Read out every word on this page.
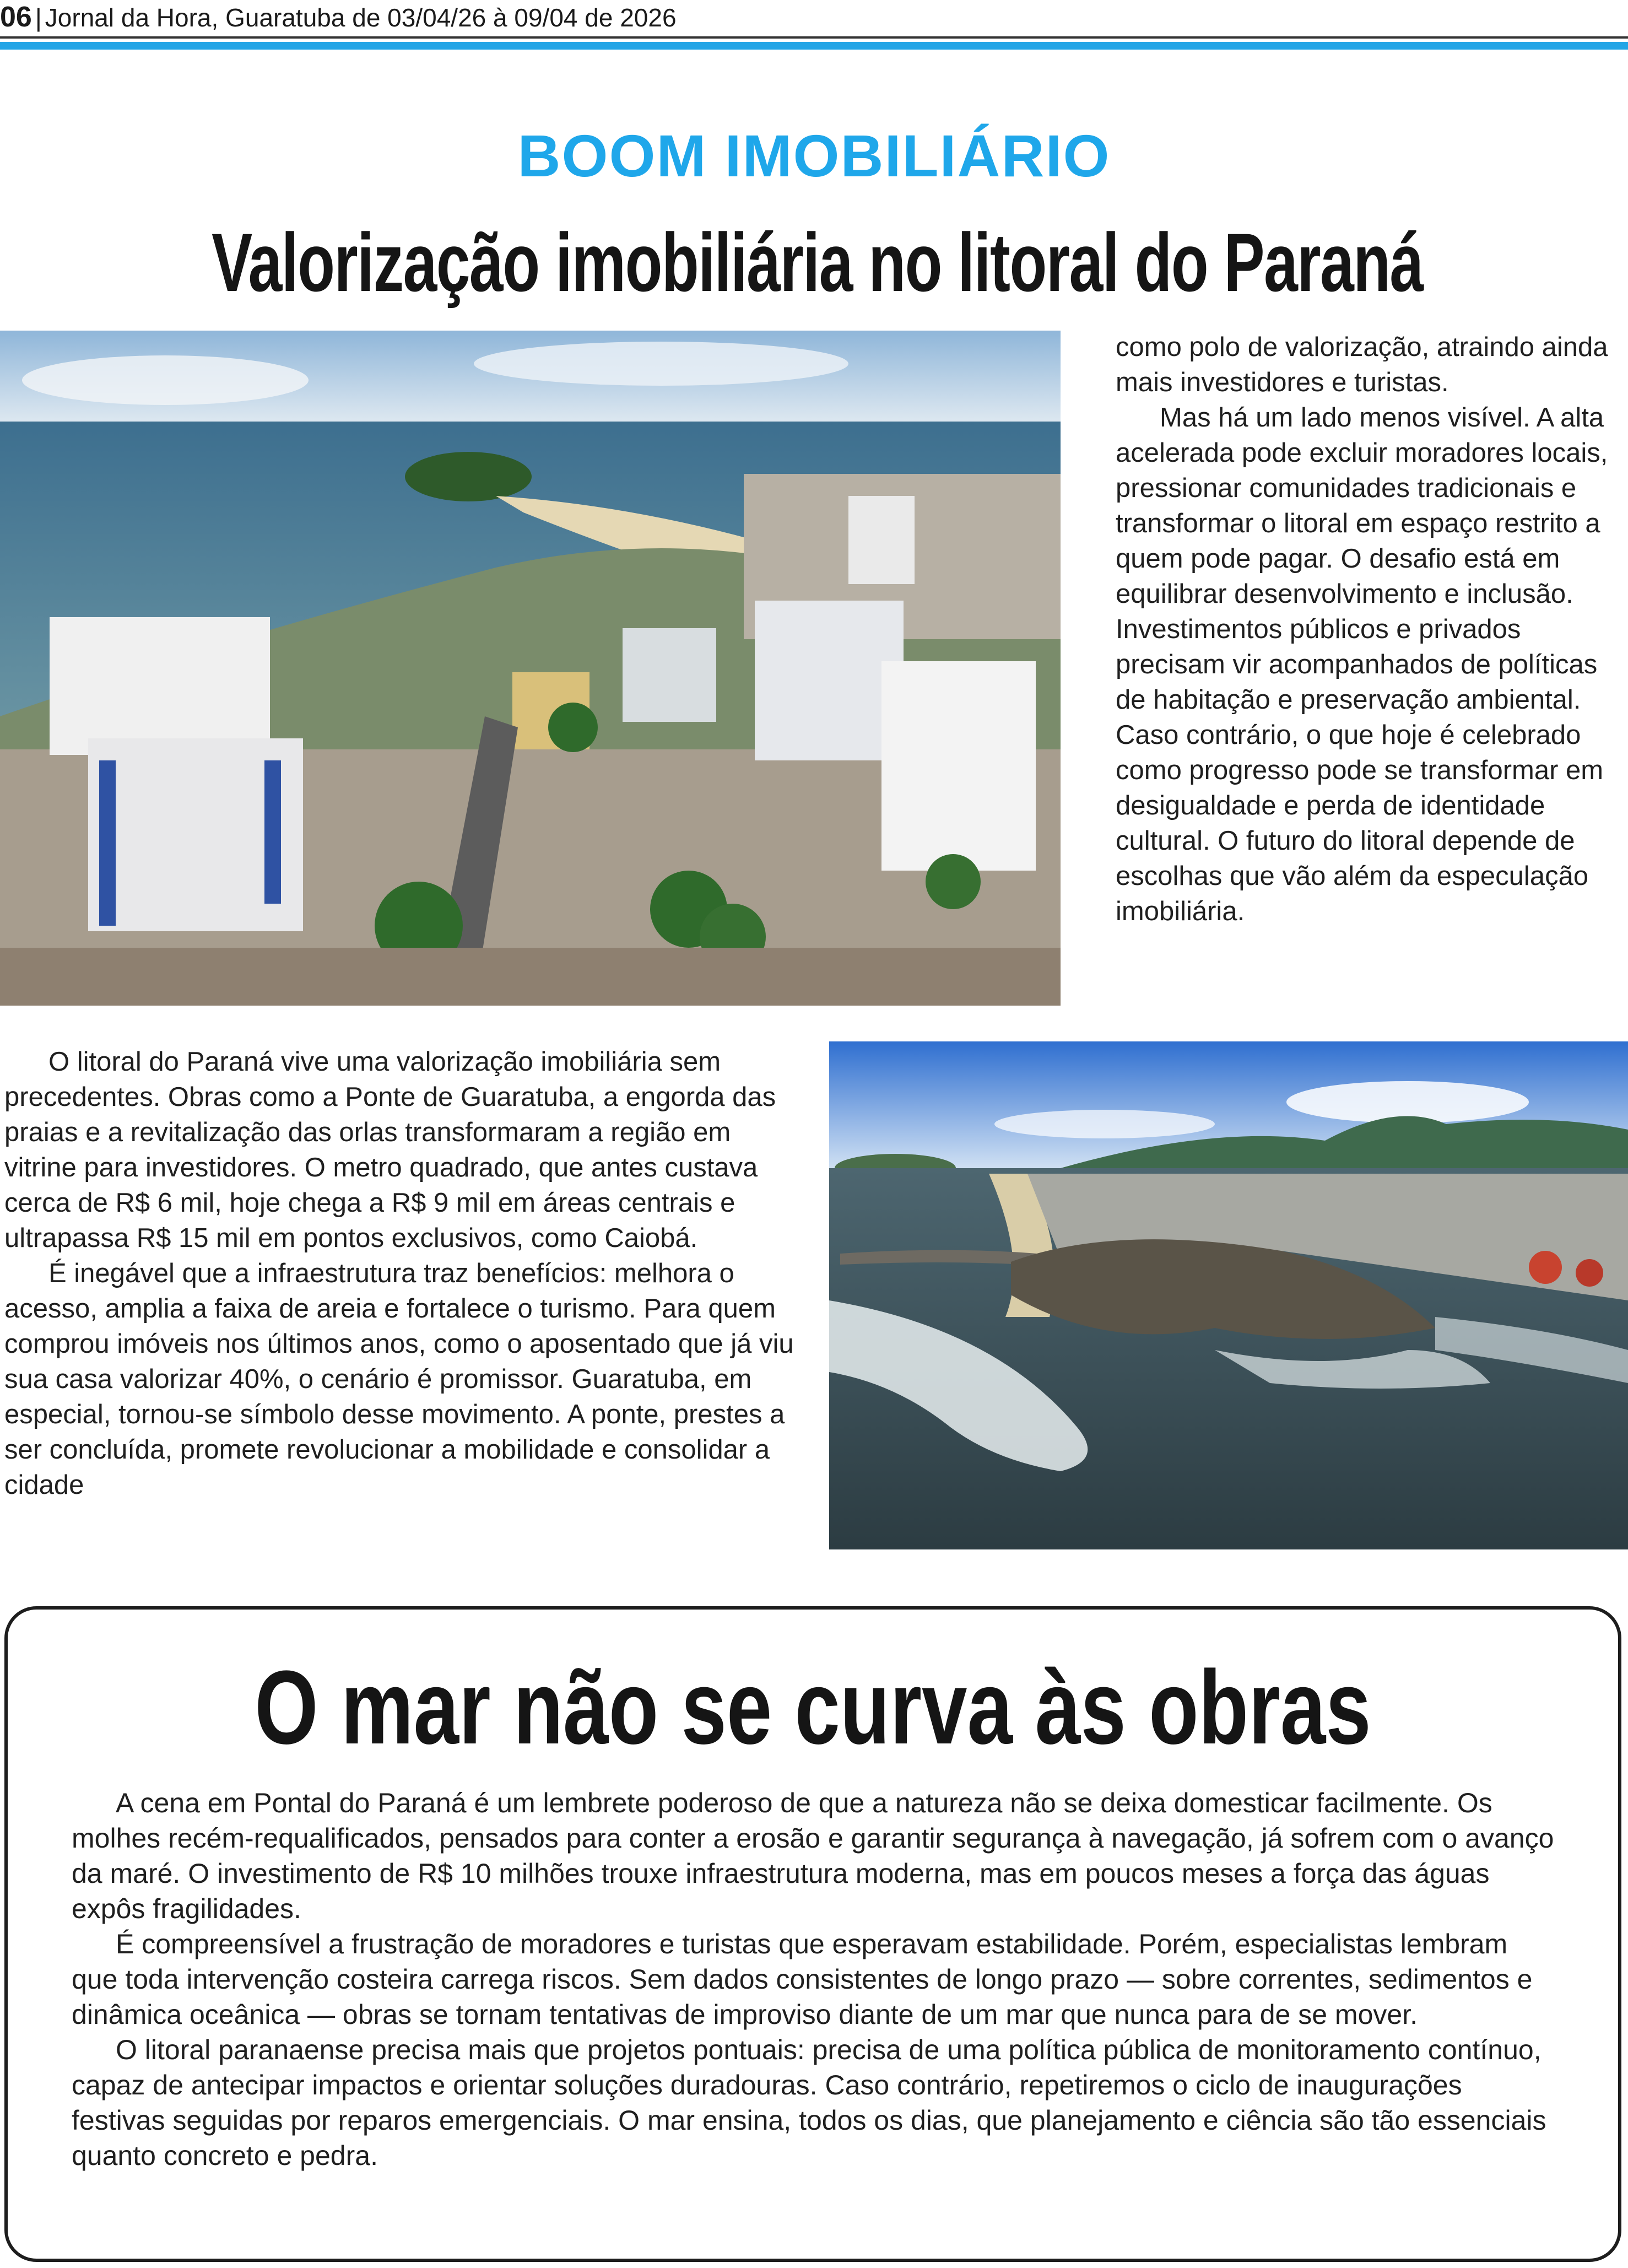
06 | Jornal da Hora, Guaratuba de 03/04/26 à 09/04 de 2026
BOOM IMOBILIÁRIO
Valorização imobiliária no litoral do Paraná

como polo de valorização, atraindo ainda mais investidores e turistas.

Mas há um lado menos visível. A alta acelerada pode excluir moradores locais, pressionar comunidades tradicionais e transformar o litoral em espaço restrito a quem pode pagar. O desafio está em equilibrar desenvolvimento e inclusão. Investimentos públicos e privados precisam vir acompanhados de políticas de habitação e preservação ambiental. Caso contrário, o que hoje é celebrado como progresso pode se transformar em desigualdade e perda de identidade cultural. O futuro do litoral depende de escolhas que vão além da especulação imobiliária.

O litoral do Paraná vive uma valorização imobiliária sem precedentes. Obras como a Ponte de Guaratuba, a engorda das praias e a revitalização das orlas transformaram a região em vitrine para investidores. O metro quadrado, que antes custava cerca de R$ 6 mil, hoje chega a R$ 9 mil em áreas centrais e ultrapassa R$ 15 mil em pontos exclusivos, como Caiobá.

É inegável que a infraestrutura traz benefícios: melhora o acesso, amplia a faixa de areia e fortalece o turismo. Para quem comprou imóveis nos últimos anos, como o aposentado que já viu sua casa valorizar 40%, o cenário é promissor. Guaratuba, em especial, tornou-se símbolo desse movimento. A ponte, prestes a ser concluída, promete revolucionar a mobilidade e consolidar a cidade

O mar não se curva às obras

A cena em Pontal do Paraná é um lembrete poderoso de que a natureza não se deixa domesticar facilmente. Os molhes recém-requalificados, pensados para conter a erosão e garantir segurança à navegação, já sofrem com o avanço da maré. O investimento de R$ 10 milhões trouxe infraestrutura moderna, mas em poucos meses a força das águas expôs fragilidades.

É compreensível a frustração de moradores e turistas que esperavam estabilidade. Porém, especialistas lembram que toda intervenção costeira carrega riscos. Sem dados consistentes de longo prazo — sobre correntes, sedimentos e dinâmica oceânica — obras se tornam tentativas de improviso diante de um mar que nunca para de se mover.

O litoral paranaense precisa mais que projetos pontuais: precisa de uma política pública de monitoramento contínuo, capaz de antecipar impactos e orientar soluções duradouras. Caso contrário, repetiremos o ciclo de inaugurações festivas seguidas por reparos emergenciais. O mar ensina, todos os dias, que planejamento e ciência são tão essenciais quanto concreto e pedra.
